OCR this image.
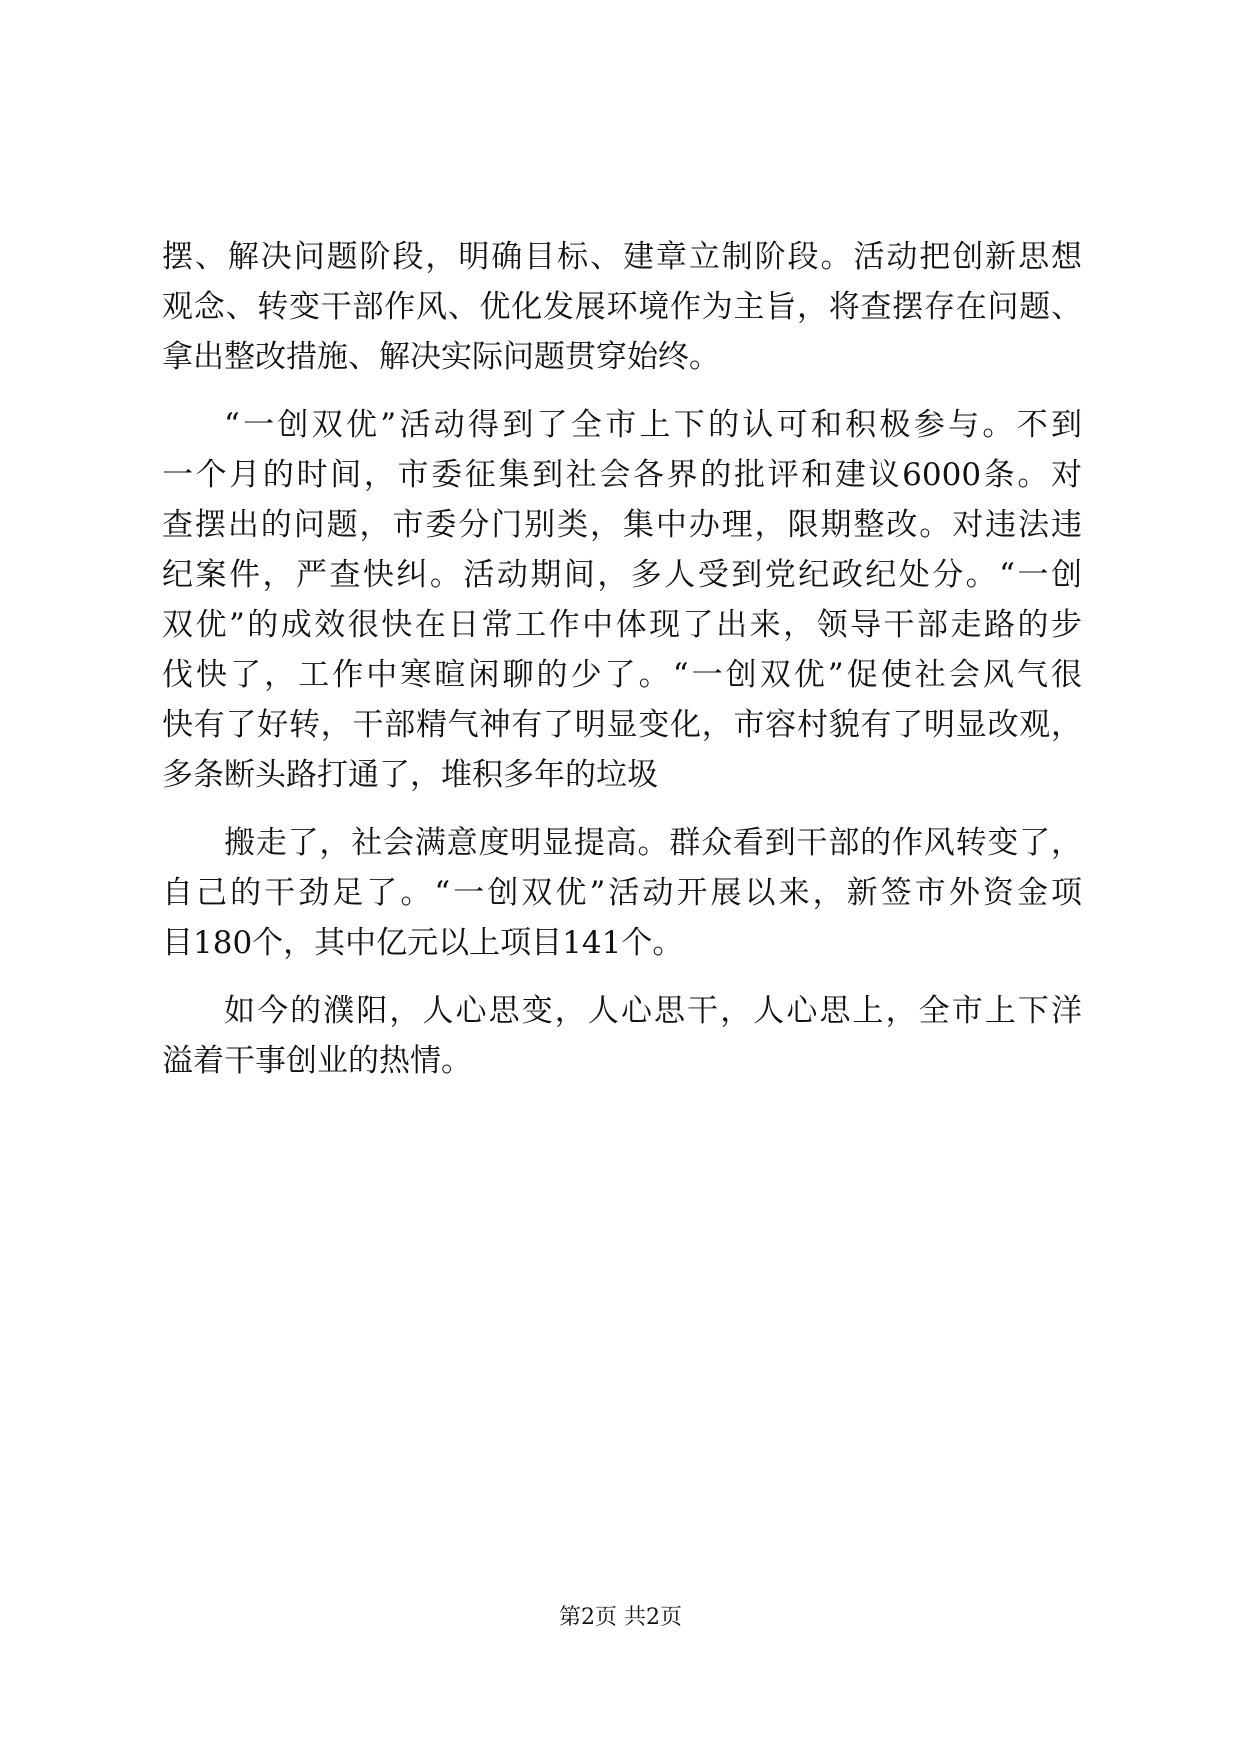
摆、解决问题阶段，明确目标、建章立制阶段。活动把创新思想
观念、转变干部作风、优化发展环境作为主旨，将查摆存在问题、
拿出整改措施、解决实际问题贯穿始终。
“一创双优”活动得到了全市上下的认可和积极参与。不到
一个月的时间，市委征集到社会各界的批评和建议6000条。对
查摆出的问题，市委分门别类，集中办理，限期整改。对违法违
纪案件，严查快纠。活动期间，多人受到党纪政纪处分。“一创
双优”的成效很快在日常工作中体现了出来，领导干部走路的步
伐快了，工作中寒暄闲聊的少了。“一创双优”促使社会风气很
快有了好转，干部精气神有了明显变化，市容村貌有了明显改观，
多条断头路打通了，堆积多年的垃圾
搬走了，社会满意度明显提高。群众看到干部的作风转变了，
自己的干劲足了。“一创双优”活动开展以来，新签市外资金项
目180个，其中亿元以上项目141个。
如今的濮阳，人心思变，人心思干，人心思上，全市上下洋
溢着干事创业的热情。
第2页 共2页
